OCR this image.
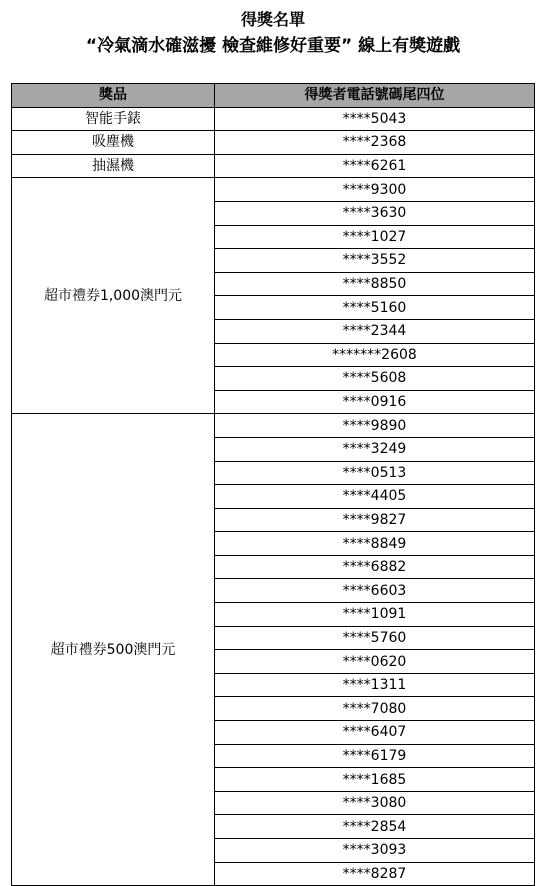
得獎名單
“冷氣滴水確滋擾 檢查維修好重要” 線上有獎遊戲
獎品	得獎者電話號碼尾四位
智能手錶	****5043
吸塵機	****2368
抽濕機	****6261
超市禮券1,000澳門元	****9300
	****3630
	****1027
	****3552
	****8850
	****5160
	****2344
	*******2608
	****5608
	****0916
超市禮券500澳門元	****9890
	****3249
	****0513
	****4405
	****9827
	****8849
	****6882
	****6603
	****1091
	****5760
	****0620
	****1311
	****7080
	****6407
	****6179
	****1685
	****3080
	****2854
	****3093
	****8287
